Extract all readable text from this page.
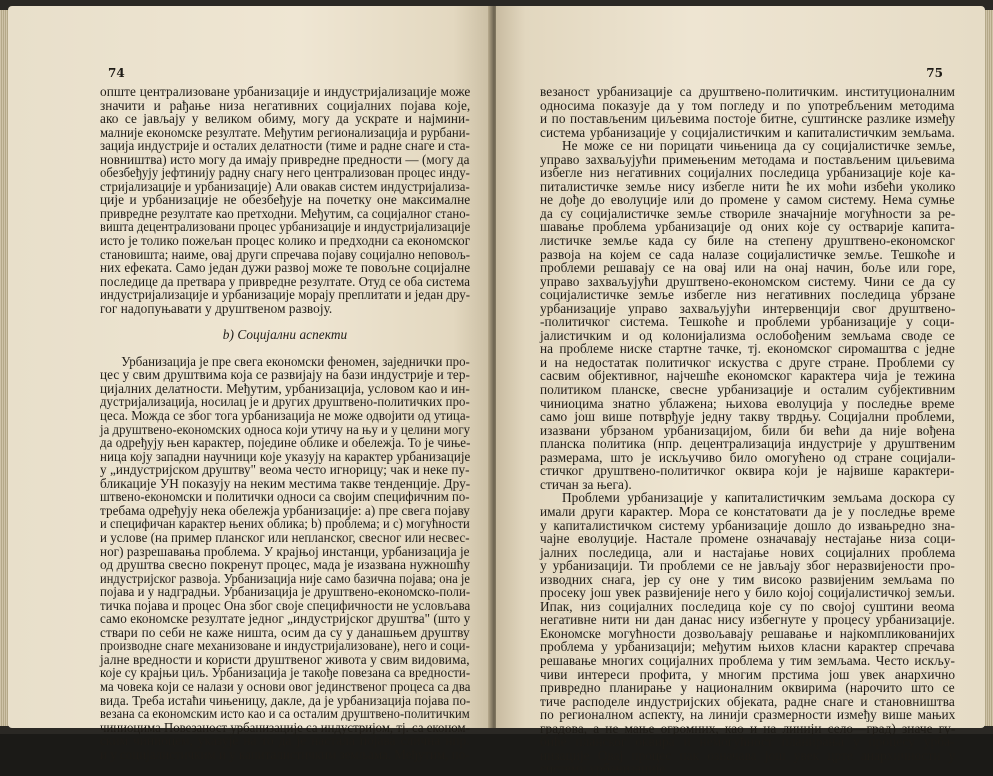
74
опште централизоване урбанизације и индустријализације може
значити и рађање низа негативних социјалних појава које,
ако се јављају у великом обиму, могу да ускрате и најмини-
малније економске резултате. Међутим регионализација и рурбани-
зација индустрије и осталих делатности (тиме и радне снаге и ста-
новништва) исто могу да имају привредне предности — (могу да
обезбеђују јефтинију радну снагу него централизован процес инду-
стријализације и урбанизације) Али овакав систем индустријализа-
ције и урбанизације не обезбеђује на почетку оне максималне
привредне резултате као претходни. Међутим, са социјалног стано-
вишта децентрализовани процес урбанизације и индустријализације
исто је толико пожељан процес колико и предходни са економског
становишта; наиме, овај други спречава појаву социјално неповољ-
них ефеката. Само један дужи развој може те повољне социјалне
последице да претвара у привредне резултате. Отуд се оба система
индустријализације и урбанизације морају преплитати и један дру-
гог надопуњавати у друштвеном развоју.
b) Социјални аспекти
Урбанизација је пре свега економски феномен, заједнички про-
цес у свим друштвима која се развијају на бази индустрије и тер-
цијалних делатности. Међутим, урбанизација, условом као и ин-
дустријализација, носилац је и других друштвено-политичких про-
цеса. Можда се због тога урбанизација не може одвојити од утица-
ја друштвено-економских односа који утичу на њу и у целини могу
да одређују њен карактер, поједине облике и обележја. То је чиње-
ница коју западни научници које указују на карактер урбанизације
у „индустријском друштву" веома често игнорицу; чак и неке пу-
бликације УН показују на неким местима такве тенденције. Дру-
штвено-економски и политички односи са својим специфичним по-
требама одређују нека обележја урбанизације: а) пре свега појаву
и специфичан карактер њених облика; b) проблема; и c) могућности
и услове (на пример планског или непланског, свесног или несвес-
ног) разрешавања проблема. У крајњој инстанци, урбанизација је
од друштва свесно покренут процес, мада је изазвана нужношћу
индустријског развоја. Урбанизација није само базична појава; она је
појава и у надградњи. Урбанизација је друштвено-економско-поли-
тичка појава и процес Она због своје специфичности не условљава
само економске резултате једног „индустријског друштва" (што у
ствари по себи не каже ништа, осим да су у данашњем друштву
производне снаге механизоване и индустријализоване), него и соци-
јалне вредности и користи друштвеног живота у свим видовима,
које су крајњи циљ. Урбанизација је такође повезана са вредности-
ма човека који се налази у основи овог јединственог процеса са два
вида. Треба истаћи чињеницу, дакле, да је урбанизација појава по-
везана са економским исто као и са осталим друштвено-политичким
чиниоцима Повезаност урбанизације са индустријом, тј. са економ-
ским чиниоцем, указује на то да је настала појава слична нпр.
и у социјалистичким и у капиталистичким земљама. Међутим, по-
75
везаност урбанизације са друштвено-политичким. институционалним
односима показује да у том погледу и по употребљеним методима
и по постављеним циљевима постоје битне, суштинске разлике између
система урбанизације у социјалистичким и капиталистичким земљама.
Не може се ни порицати чињеница да су социјалистичке земље,
управо захваљујући примењеним методама и постављеним циљевима
избегле низ негативних социјалних последица урбанизације које ка-
питалистичке земље нису избегле нити ће их моћи избећи уколико
не дође до еволуције или до промене у самом систему. Нема сумње
да су социјалистичке земље створиле значајније могућности за ре-
шавање проблема урбанизације од оних које су остварије капита-
листичке земље када су биле на степену друштвено-економског
развоја на којем се сада налазе социјалистичке земље. Тешкоће и
проблеми решавају се на овај или на онај начин, боље или горе,
управо захваљујући друштвено-економском систему. Чини се да су
социјалистичке земље избегле низ негативних последица убрзане
урбанизације управо захваљујући интервенцији свог друштвено-
-политичког система. Тешкоће и проблеми урбанизације у соци-
јалистичким и од колонијализма ослобођеним земљама своде се
на проблеме ниске стартне тачке, тј. економског сиромаштва с једне
и на недостатак политичког искуства с друге стране. Проблеми су
сасвим објективног, најчешће економског карактера чија је тежина
политиком планске, свесне урбанизације и осталим субјективним
чиниоцима знатно ублажена; њихова еволуција у последње време
само још више потврђује једну такву тврдњу. Социјални проблеми,
изазвани убрзаном урбанизацијом, били би већи да није вођена
планска политика (нпр. децентрализација индустрије у друштвеним
размерама, што је искључиво било омогућено од стране социјали-
стичког друштвено-политичког оквира који је највише карактери-
стичан за њега).
Проблеми урбанизације у капиталистичким земљама доскора су
имали други карактер. Мора се констатовати да је у последње време
у капиталистичком систему урбанизације дошло до извањредно зна-
чајне еволуције. Настале промене означавају нестајање низа соци-
јалних последица, али и настајање нових социјалних проблема
у урбанизацији. Ти проблеми се не јављају због неразвијености про-
изводних снага, јер су оне у тим високо развијеним земљама по
просеку још увек развијеније него у било којој социјалистичкој земљи.
Ипак, низ социјалних последица које су по својој суштини веома
негативне нити ни дан данас нису избегнуте у процесу урбанизације.
Економске могућности дозвољавају решавање и најкомпликованијих
проблема у урбанизацији; међутим њихов класни карактер спречава
решавање многих социјалних проблема у тим земљама. Често искљу-
чиви интереси профита, у многим прстима још увек анархично
привредно планирање у националним оквирима (нарочито што се
тиче расподеле индустријских објеката, радне снаге и становништва
по регионалном аспекту, на линији сразмерности између више мањих
градова, а не мање огромних, као и на линији село—град) значе гу-
биће планског оквира и немогућност планирања у процесу урба-
низације Овај процес пак означава још увек црте анархичности у
систему урбанизације.
